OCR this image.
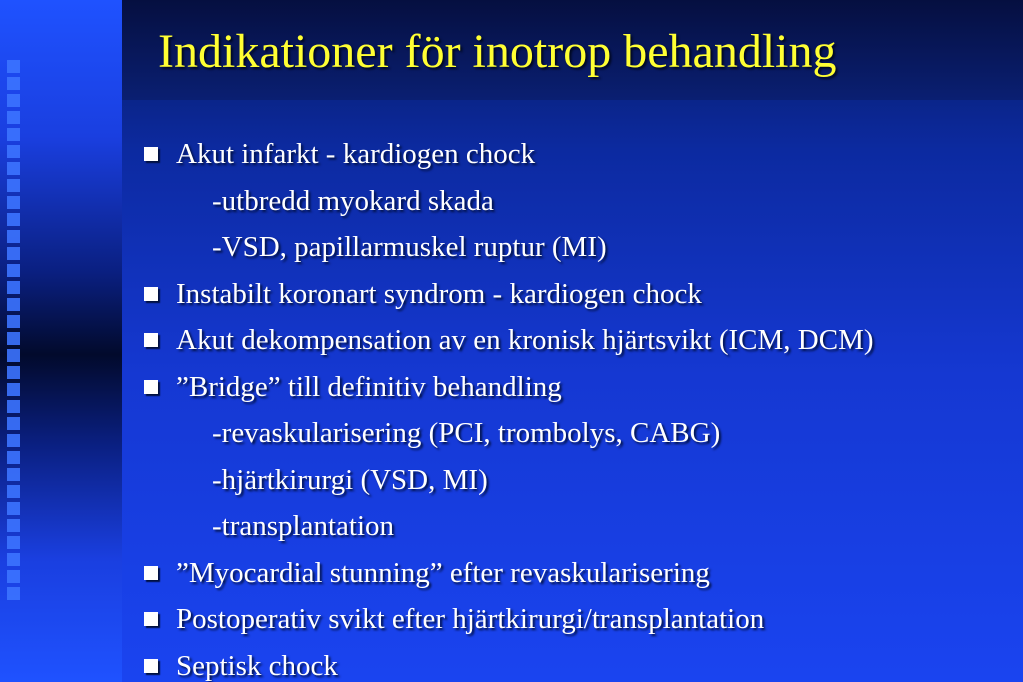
Indikationer för inotrop behandling
Akut infarkt - kardiogen chock
-utbredd myokard skada
-VSD, papillarmuskel ruptur (MI)
Instabilt koronart syndrom - kardiogen chock
Akut dekompensation av en kronisk hjärtsvikt (ICM, DCM)
”Bridge” till definitiv behandling
-revaskularisering (PCI, trombolys, CABG)
-hjärtkirurgi (VSD, MI)
-transplantation
”Myocardial stunning” efter revaskularisering
Postoperativ svikt efter hjärtkirurgi/transplantation
Septisk chock
